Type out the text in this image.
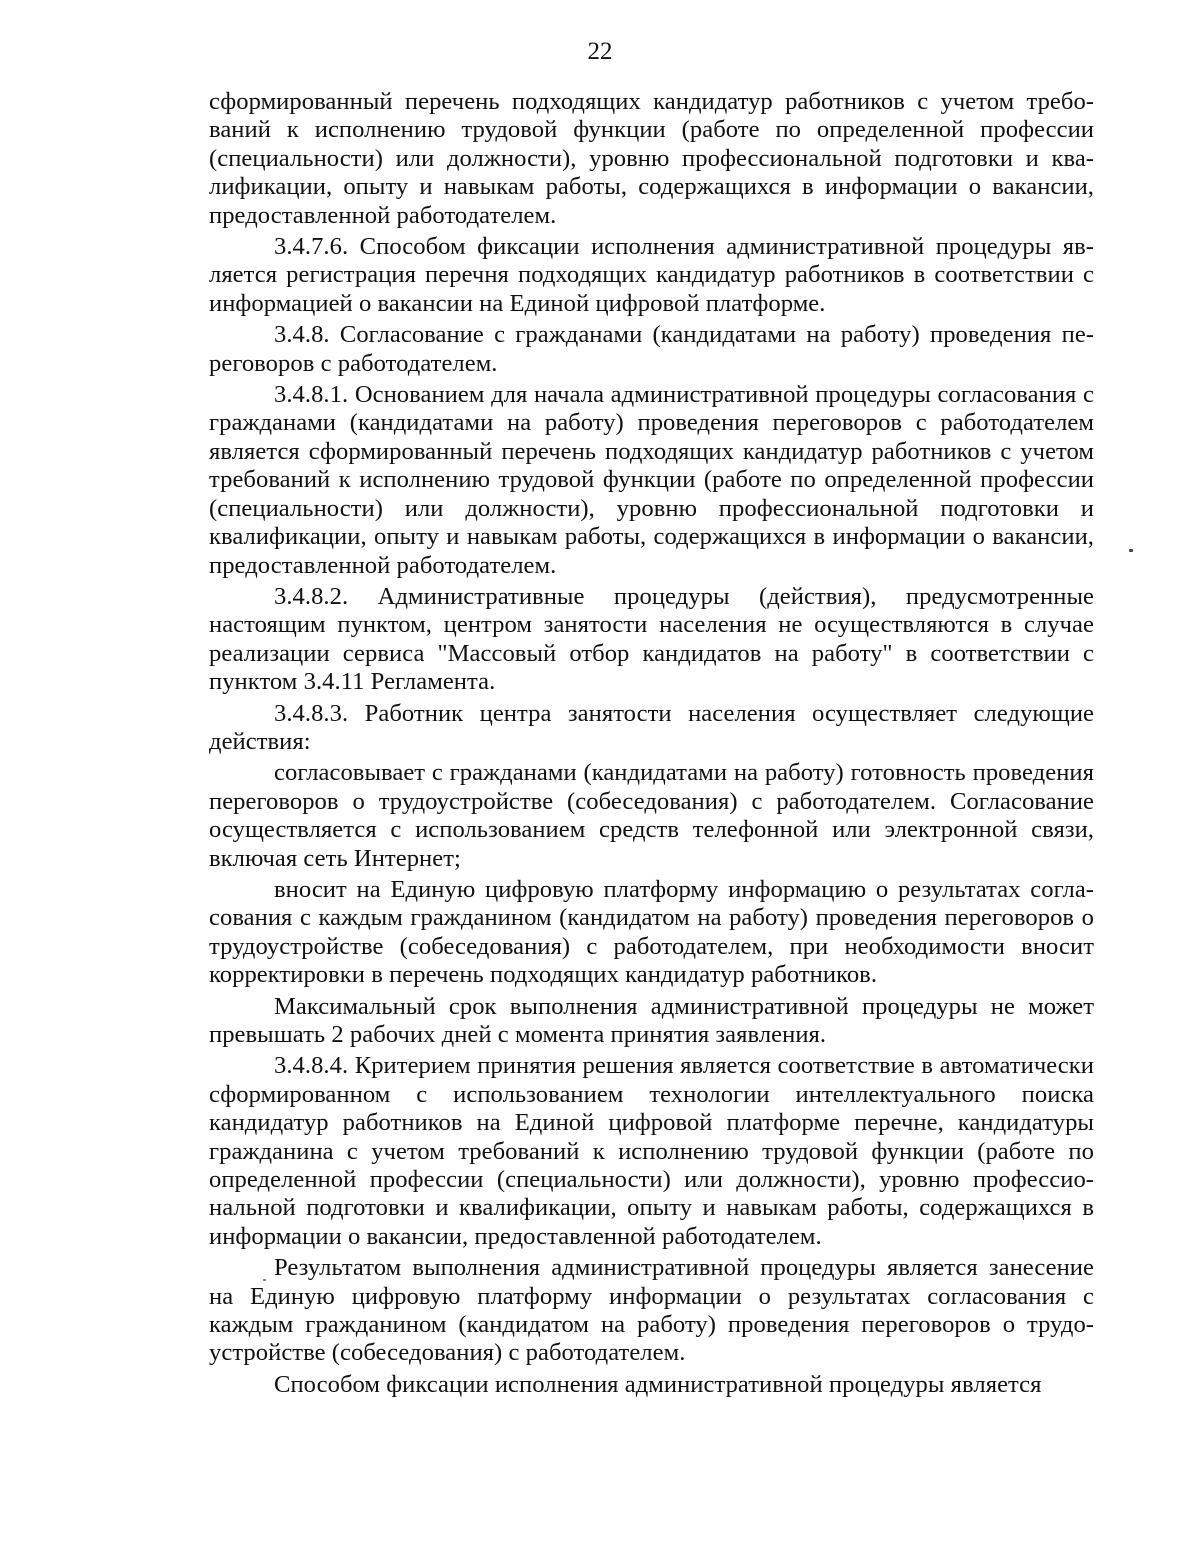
22

сформированный перечень подходящих кандидатур работников с учетом требований к исполнению трудовой функции (работе по определенной профессии (специальности) или должности), уровню профессиональной подготовки и квалификации, опыту и навыкам работы, содержащихся в информации о вакансии, предоставленной работодателем.

3.4.7.6. Способом фиксации исполнения административной процедуры является регистрация перечня подходящих кандидатур работников в соответствии с информацией о вакансии на Единой цифровой платформе.

3.4.8. Согласование с гражданами (кандидатами на работу) проведения переговоров с работодателем.

3.4.8.1. Основанием для начала административной процедуры согласования с гражданами (кандидатами на работу) проведения переговоров с работодателем является сформированный перечень подходящих кандидатур работников с учетом требований к исполнению трудовой функции (работе по определенной профессии (специальности) или должности), уровню профессиональной подготовки и квалификации, опыту и навыкам работы, содержащихся в информации о вакансии, предоставленной работодателем.

3.4.8.2. Административные процедуры (действия), предусмотренные настоящим пунктом, центром занятости населения не осуществляются в случае реализации сервиса "Массовый отбор кандидатов на работу" в соответствии с пунктом 3.4.11 Регламента.

3.4.8.3. Работник центра занятости населения осуществляет следующие действия:

согласовывает с гражданами (кандидатами на работу) готовность проведения переговоров о трудоустройстве (собеседования) с работодателем. Согласование осуществляется с использованием средств телефонной или электронной связи, включая сеть Интернет;

вносит на Единую цифровую платформу информацию о результатах согласования с каждым гражданином (кандидатом на работу) проведения переговоров о трудоустройстве (собеседования) с работодателем, при необходимости вносит корректировки в перечень подходящих кандидатур работников.

Максимальный срок выполнения административной процедуры не может превышать 2 рабочих дней с момента принятия заявления.

3.4.8.4. Критерием принятия решения является соответствие в автоматически сформированном с использованием технологии интеллектуального поиска кандидатур работников на Единой цифровой платформе перечне, кандидатуры гражданина с учетом требований к исполнению трудовой функции (работе по определенной профессии (специальности) или должности), уровню профессиональной подготовки и квалификации, опыту и навыкам работы, содержащихся в информации о вакансии, предоставленной работодателем.

Результатом выполнения административной процедуры является занесение на Единую цифровую платформу информации о результатах согласования с каждым гражданином (кандидатом на работу) проведения переговоров о трудоустройстве (собеседования) с работодателем.

Способом фиксации исполнения административной процедуры является
